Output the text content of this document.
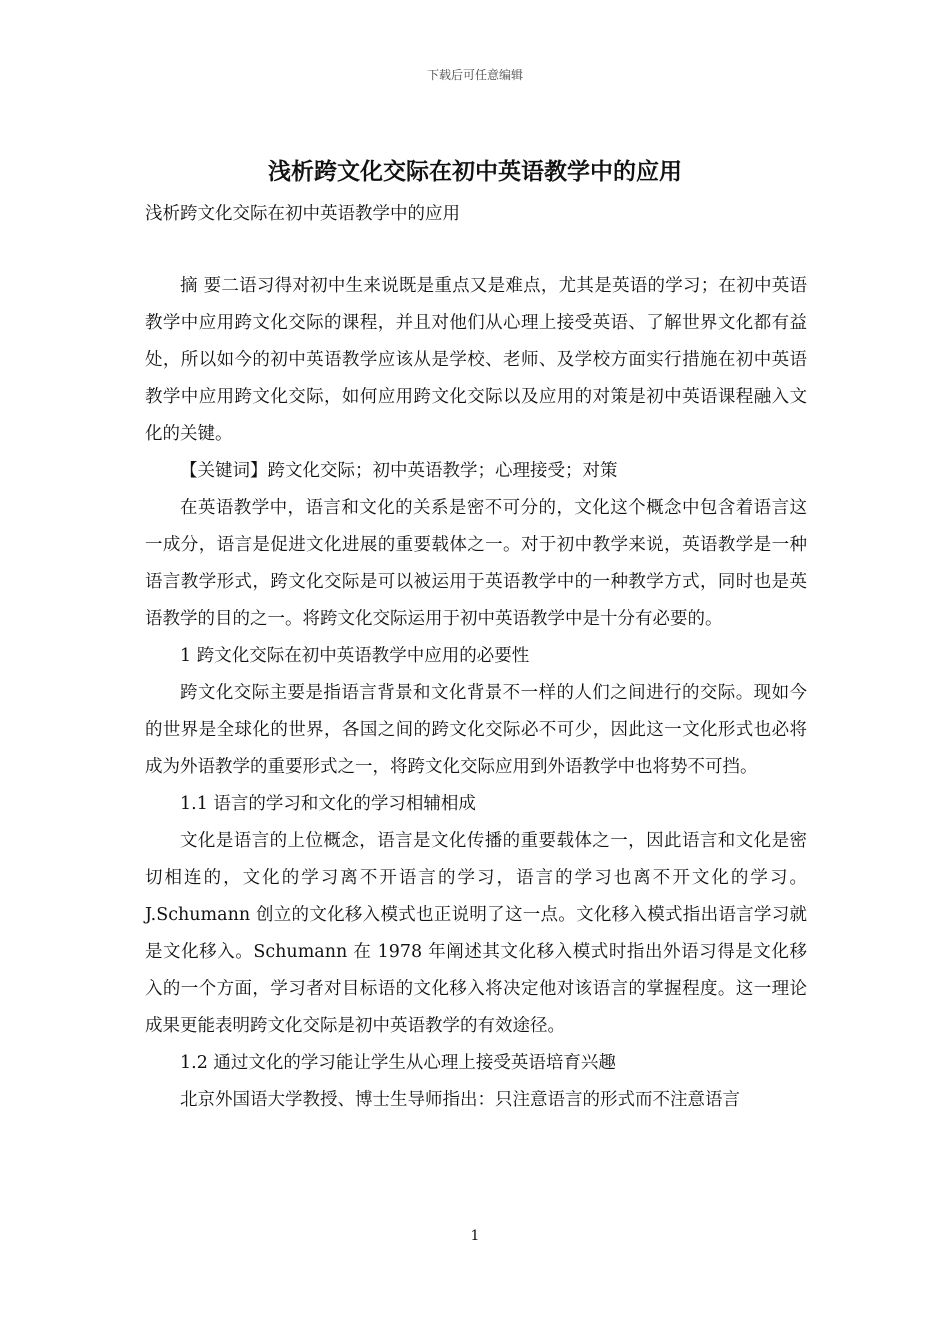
下载后可任意编辑
浅析跨文化交际在初中英语教学中的应用
浅析跨文化交际在初中英语教学中的应用

摘 要二语习得对初中生来说既是重点又是难点，尤其是英语的学习；在初中英语教学中应用跨文化交际的课程，并且对他们从心理上接受英语、了解世界文化都有益处，所以如今的初中英语教学应该从是学校、老师、及学校方面实行措施在初中英语教学中应用跨文化交际，如何应用跨文化交际以及应用的对策是初中英语课程融入文化的关键。

【关键词】跨文化交际；初中英语教学；心理接受；对策

在英语教学中，语言和文化的关系是密不可分的，文化这个概念中包含着语言这一成分，语言是促进文化进展的重要载体之一。对于初中教学来说，英语教学是一种语言教学形式，跨文化交际是可以被运用于英语教学中的一种教学方式，同时也是英语教学的目的之一。将跨文化交际运用于初中英语教学中是十分有必要的。

1 跨文化交际在初中英语教学中应用的必要性

跨文化交际主要是指语言背景和文化背景不一样的人们之间进行的交际。现如今的世界是全球化的世界，各国之间的跨文化交际必不可少，因此这一文化形式也必将成为外语教学的重要形式之一，将跨文化交际应用到外语教学中也将势不可挡。

1.1 语言的学习和文化的学习相辅相成

文化是语言的上位概念，语言是文化传播的重要载体之一，因此语言和文化是密切相连的，文化的学习离不开语言的学习，语言的学习也离不开文化的学习。J.Schumann 创立的文化移入模式也正说明了这一点。文化移入模式指出语言学习就是文化移入。Schumann 在 1978 年阐述其文化移入模式时指出外语习得是文化移入的一个方面，学习者对目标语的文化移入将决定他对该语言的掌握程度。这一理论成果更能表明跨文化交际是初中英语教学的有效途径。

1.2 通过文化的学习能让学生从心理上接受英语培育兴趣

北京外国语大学教授、博士生导师指出：只注意语言的形式而不注意语言

1
